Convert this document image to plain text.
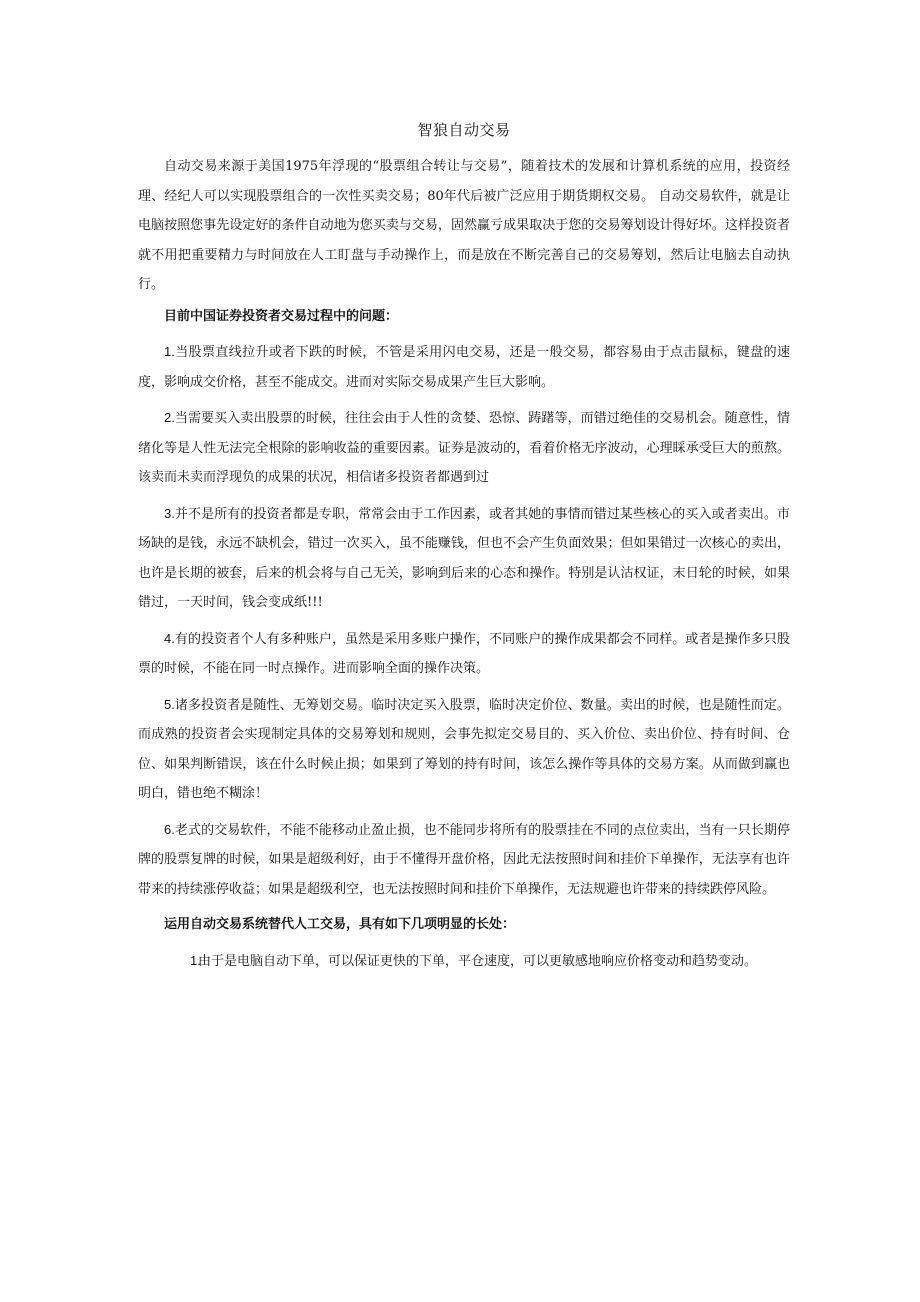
智狼自动交易

自动交易来源于美国1975年浮现的“股票组合转让与交易”，随着技术的发展和计算机系统的应用，投资经理、经纪人可以实现股票组合的一次性买卖交易；80年代后被广泛应用于期货期权交易。 自动交易软件，就是让电脑按照您事先设定好的条件自动地为您买卖与交易，固然赢亏成果取决于您的交易筹划设计得好坏。这样投资者就不用把重要精力与时间放在人工盯盘与手动操作上，而是放在不断完善自己的交易筹划，然后让电脑去自动执行。

目前中国证券投资者交易过程中的问题：

1.当股票直线拉升或者下跌的时候，不管是采用闪电交易，还是一般交易，都容易由于点击鼠标，键盘的速度，影响成交价格，甚至不能成交。进而对实际交易成果产生巨大影响。

2.当需要买入卖出股票的时候，往往会由于人性的贪婪、恐惊、踌躇等，而错过绝佳的交易机会。随意性，情绪化等是人性无法完全根除的影响收益的重要因素。证券是波动的，看着价格无序波动，心理睬承受巨大的煎熬。该卖而未卖而浮现负的成果的状况，相信诸多投资者都遇到过

3.并不是所有的投资者都是专职，常常会由于工作因素，或者其她的事情而错过某些核心的买入或者卖出。市场缺的是钱，永远不缺机会，错过一次买入，虽不能赚钱，但也不会产生负面效果；但如果错过一次核心的卖出，也许是长期的被套，后来的机会将与自己无关，影响到后来的心态和操作。特别是认沽权证，末日轮的时候，如果错过，一天时间，钱会变成纸!!!

4.有的投资者个人有多种账户，虽然是采用多账户操作，不同账户的操作成果都会不同样。或者是操作多只股票的时候，不能在同一时点操作。进而影响全面的操作决策。

5.诸多投资者是随性、无筹划交易。临时决定买入股票，临时决定价位、数量。卖出的时候，也是随性而定。而成熟的投资者会实现制定具体的交易筹划和规则，会事先拟定交易目的、买入价位、卖出价位、持有时间、仓位、如果判断错误，该在什么时候止损；如果到了筹划的持有时间，该怎么操作等具体的交易方案。从而做到赢也明白，错也绝不糊涂！

6.老式的交易软件，不能不能移动止盈止损，也不能同步将所有的股票挂在不同的点位卖出，当有一只长期停牌的股票复牌的时候，如果是超级利好，由于不懂得开盘价格，因此无法按照时间和挂价下单操作，无法享有也许带来的持续涨停收益；如果是超级利空，也无法按照时间和挂价下单操作，无法规避也许带来的持续跌停风险。

运用自动交易系统替代人工交易，具有如下几项明显的长处：

1.由于是电脑自动下单，可以保证更快的下单，平仓速度，可以更敏感地响应价格变动和趋势变动。
